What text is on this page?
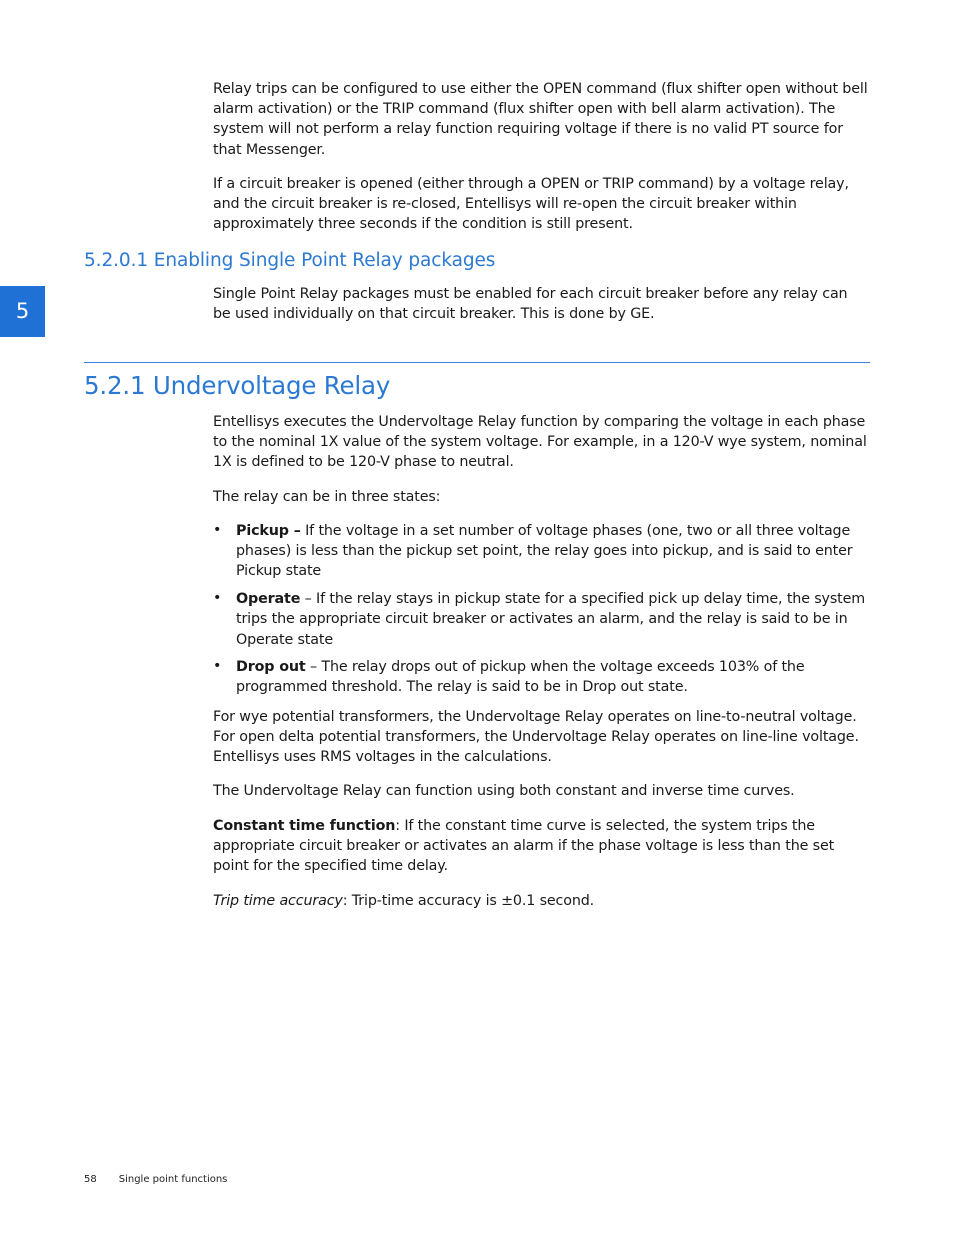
Relay trips can be configured to use either the OPEN command (flux shifter open without bell alarm activation) or the TRIP command (flux shifter open with bell alarm activation). The system will not perform a relay function requiring voltage if there is no valid PT source for that Messenger.

If a circuit breaker is opened (either through a OPEN or TRIP command) by a voltage relay, and the circuit breaker is re-closed, Entellisys will re-open the circuit breaker within approximately three seconds if the condition is still present.

5.2.0.1 Enabling Single Point Relay packages
5

Single Point Relay packages must be enabled for each circuit breaker before any relay can be used individually on that circuit breaker. This is done by GE.

5.2.1 Undervoltage Relay

Entellisys executes the Undervoltage Relay function by comparing the voltage in each phase to the nominal 1X value of the system voltage. For example, in a 120-V wye system, nominal 1X is defined to be 120-V phase to neutral.

The relay can be in three states:

• Pickup – If the voltage in a set number of voltage phases (one, two or all three voltage phases) is less than the pickup set point, the relay goes into pickup, and is said to enter Pickup state
• Operate – If the relay stays in pickup state for a specified pick up delay time, the system trips the appropriate circuit breaker or activates an alarm, and the relay is said to be in Operate state
• Drop out – The relay drops out of pickup when the voltage exceeds 103% of the programmed threshold. The relay is said to be in Drop out state.

For wye potential transformers, the Undervoltage Relay operates on line-to-neutral voltage. For open delta potential transformers, the Undervoltage Relay operates on line-line voltage. Entellisys uses RMS voltages in the calculations.

The Undervoltage Relay can function using both constant and inverse time curves.

Constant time function: If the constant time curve is selected, the system trips the appropriate circuit breaker or activates an alarm if the phase voltage is less than the set point for the specified time delay.

Trip time accuracy: Trip-time accuracy is ±0.1 second.

58 Single point functions
